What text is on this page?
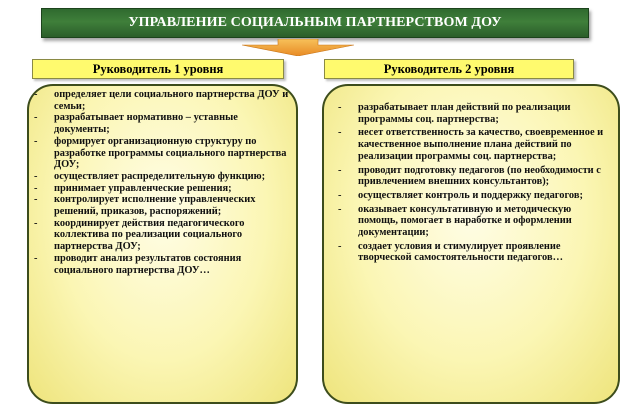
УПРАВЛЕНИЕ СОЦИАЛЬНЫМ ПАРТНЕРСТВОМ ДОУ
Руководитель 1 уровня	Руководитель 2 уровня
- определяет цели социального партнерства ДОУ и семьи;
- разрабатывает нормативно – уставные документы;
- формирует организационную структуру по разработке программы социального партнерства ДОУ;
- осуществляет распределительную функцию;
- принимает управленческие решения;
- контролирует исполнение управленческих решений, приказов, распоряжений;
- координирует действия педагогического коллектива по реализации социального партнерства ДОУ;
- проводит анализ результатов состояния социального партнерства ДОУ…
- разрабатывает план действий по реализации программы соц. партнерства;
- несет ответственность за качество, своевременное и качественное выполнение плана действий по реализации программы соц. партнерства;
- проводит подготовку педагогов (по необходимости с привлечением внешних консультантов);
- осуществляет контроль и поддержку педагогов;
- оказывает консультативную и методическую помощь, помогает в наработке и оформлении документации;
- создает условия и стимулирует проявление творческой самостоятельности педагогов…
